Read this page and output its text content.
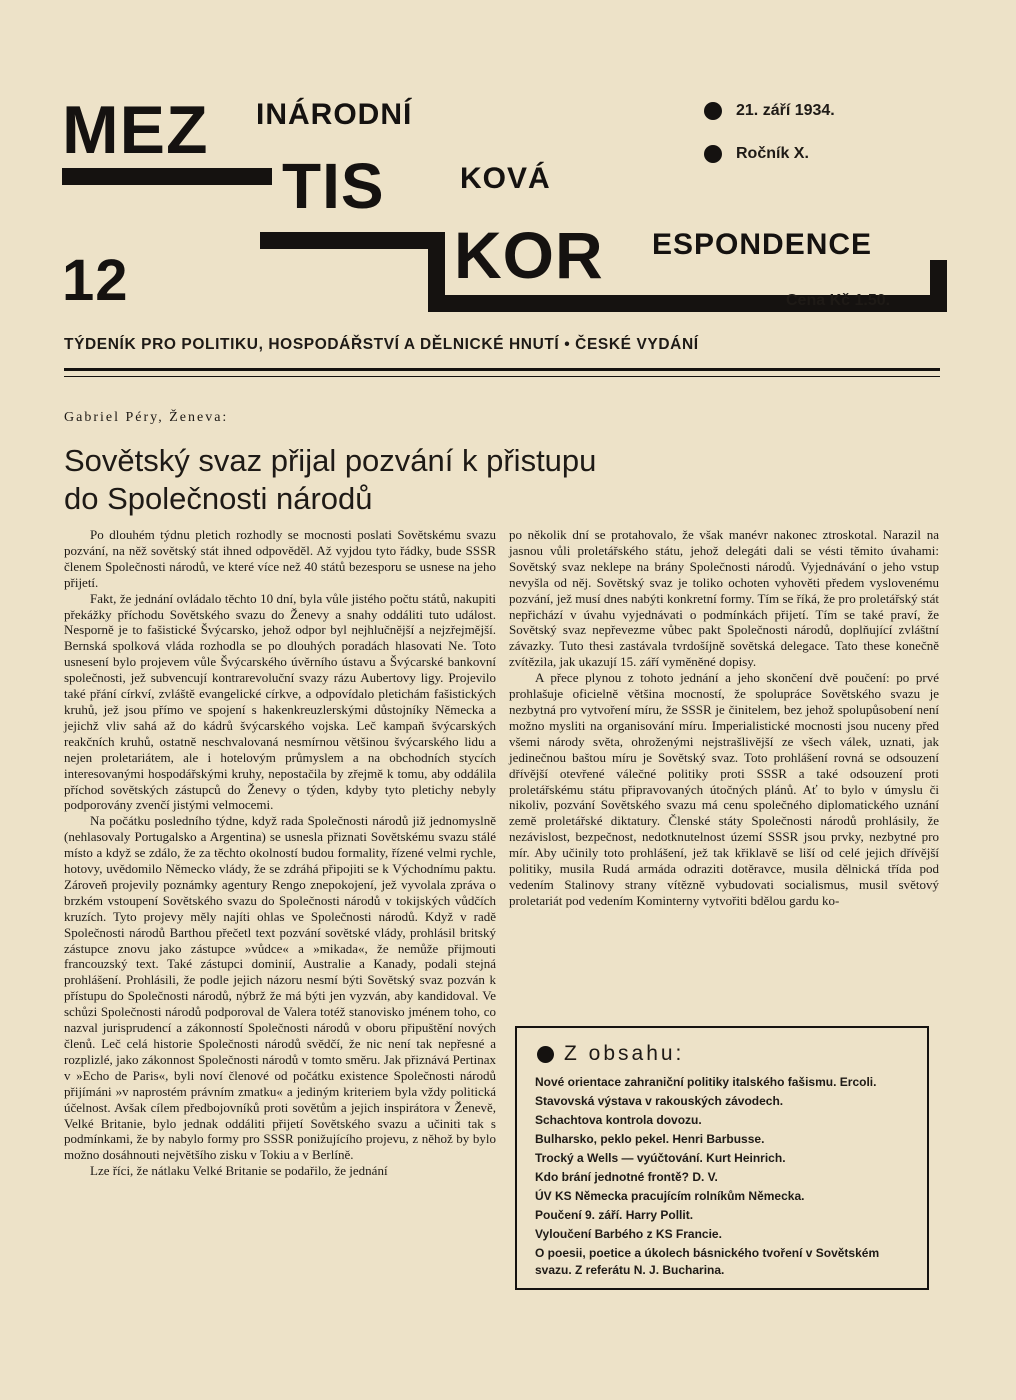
MEZ INÁRODNÍ
TIS	KOVÁ
KOR ESPONDENCE
12
21. září 1934.
Ročník X.
Cena Kč 1.50.
TÝDENÍK PRO POLITIKU, HOSPODÁŘSTVÍ A DĚLNICKÉ HNUTÍ • ČESKÉ VYDÁNÍ
Gabriel Péry, Ženeva:
Sovětský svaz přijal pozvání k přistupu
do Společnosti národů

Po dlouhém týdnu pletich rozhodly se mocnosti poslati Sovětskému svazu pozvání, na něž sovětský stát ihned odpověděl. Až vyjdou tyto řádky, bude SSSR členem Společnosti národů, ve které více než 40 států bezesporu se usnese na jeho přijetí.

Fakt, že jednání ovládalo těchto 10 dní, byla vůle jistého počtu států, nakupiti překážky příchodu Sovětského svazu do Ženevy a snahy oddáliti tuto událost. Nesporně je to fašistické Švýcarsko, jehož odpor byl nejhlučnější a nejzřejmější. Bernská spolková vláda rozhodla se po dlouhých poradách hlasovati Ne. Toto usnesení bylo projevem vůle Švýcarského úvěrního ústavu a Švýcarské bankovní společnosti, jež subvencují kontrarevoluční svazy rázu Aubertovy ligy. Projevilo také přání církví, zvláště evangelické církve, a odpovídalo pletichám fašistických kruhů, jež jsou přímo ve spojení s hakenkreuzlerskými důstojníky Německa a jejichž vliv sahá až do kádrů švýcarského vojska. Leč kampaň švýcarských reakčních kruhů, ostatně neschvalovaná nesmírnou většinou švýcarského lidu a nejen proletariátem, ale i hotelovým průmyslem a na obchodních stycích interesovanými hospodářskými kruhy, nepostačila by zřejmě k tomu, aby oddálila příchod sovětských zástupců do Ženevy o týden, kdyby tyto pletichy nebyly podporovány zvenčí jistými velmocemi.

Na počátku posledního týdne, když rada Společnosti národů již jednomyslně (nehlasovaly Portugalsko a Argentina) se usnesla přiznati Sovětskému svazu stálé místo a když se zdálo, že za těchto okolností budou formality, řízené velmi rychle, hotovy, uvědomilo Německo vlády, že se zdráhá připojiti se k Východnímu paktu. Zároveň projevily poznámky agentury Rengo znepokojení, jež vyvolala zpráva o brzkém vstoupení Sovětského svazu do Společnosti národů v tokijských vůdčích kruzích. Tyto projevy měly najíti ohlas ve Společnosti národů. Když v radě Společnosti národů Barthou přečetl text pozvání sovětské vlády, prohlásil britský zástupce znovu jako zástupce »vůdce« a »mikada«, že nemůže přijmouti francouzský text. Také zástupci dominií, Australie a Kanady, podali stejná prohlášení. Prohlásili, že podle jejich názoru nesmí býti Sovětský svaz pozván k přístupu do Společnosti národů, nýbrž že má býti jen vyzván, aby kandidoval. Ve schůzi Společnosti národů podporoval de Valera totéž stanovisko jménem toho, co nazval jurisprudencí a zákonností Společnosti národů v oboru připuštění nových členů. Leč celá historie Společnosti národů svědčí, že nic není tak nepřesné a rozplizlé, jako zákonnost Společnosti národů v tomto směru. Jak přiznává Pertinax v »Echo de Paris«, byli noví členové od počátku existence Společnosti národů přijímáni »v naprostém právním zmatku« a jediným kriteriem byla vždy politická účelnost. Avšak cílem předbojovníků proti sovětům a jejich inspirátora v Ženevě, Velké Britanie, bylo jednak oddáliti přijetí Sovětského svazu a učiniti tak s podmínkami, že by nabylo formy pro SSSR ponižujícího projevu, z něhož by bylo možno dosáhnouti největšího zisku v Tokiu a v Berlíně.

Lze říci, že nátlaku Velké Britanie se podařilo, že jednání

po několik dní se protahovalo, že však manévr nakonec ztroskotal. Narazil na jasnou vůli proletářského státu, jehož delegáti dali se vésti těmito úvahami: Sovětský svaz neklepe na brány Společnosti národů. Vyjednávání o jeho vstup nevyšla od něj. Sovětský svaz je toliko ochoten vyhověti předem vyslovenému pozvání, jež musí dnes nabýti konkretní formy. Tím se říká, že pro proletářský stát nepřichází v úvahu vyjednávati o podmínkách přijetí. Tím se také praví, že Sovětský svaz nepřevezme vůbec pakt Společnosti národů, doplňující zvláštní závazky. Tuto thesi zastávala tvrdošíjně sovětská delegace. Tato these konečně zvítězila, jak ukazují 15. září vyměněné dopisy.

A přece plynou z tohoto jednání a jeho skončení dvě poučení: po prvé prohlašuje oficielně většina mocností, že spolupráce Sovětského svazu je nezbytná pro vytvoření míru, že SSSR je činitelem, bez jehož spolupůsobení není možno mysliti na organisování míru. Imperialistické mocnosti jsou nuceny před všemi národy světa, ohroženými nejstrašlivější ze všech válek, uznati, jak jedinečnou baštou míru je Sovětský svaz. Toto prohlášení rovná se odsouzení dřívější otevřené válečné politiky proti SSSR a také odsouzení proti proletářskému státu připravovaných útočných plánů. Ať to bylo v úmyslu či nikoliv, pozvání Sovětského svazu má cenu společného diplomatického uznání země proletářské diktatury. Členské státy Společnosti národů prohlásily, že nezávislost, bezpečnost, nedotknutelnost území SSSR jsou prvky, nezbytné pro mír. Aby učinily toto prohlášení, jež tak křiklavě se liší od celé jejich dřívější politiky, musila Rudá armáda odraziti dotěravce, musila dělnická třída pod vedením Stalinovy strany vítězně vybudovati socialismus, musil světový proletariát pod vedením Kominterny vytvořiti bdělou gardu ko-

Z obsahu:
Nové orientace zahraniční politiky italského fašismu. Ercoli.
Stavovská výstava v rakouských závodech.
Schachtova kontrola dovozu.
Bulharsko, peklo pekel. Henri Barbusse.
Trocký a Wells — vyúčtování. Kurt Heinrich.
Kdo brání jednotné frontě? D. V.
ÚV KS Německa pracujícím rolníkům Německa.
Poučení 9. září. Harry Pollit.
Vyloučení Barbého z KS Francie.
O poesii, poetice a úkolech básnického tvoření v Sovětském svazu. Z referátu N. J. Bucharina.
